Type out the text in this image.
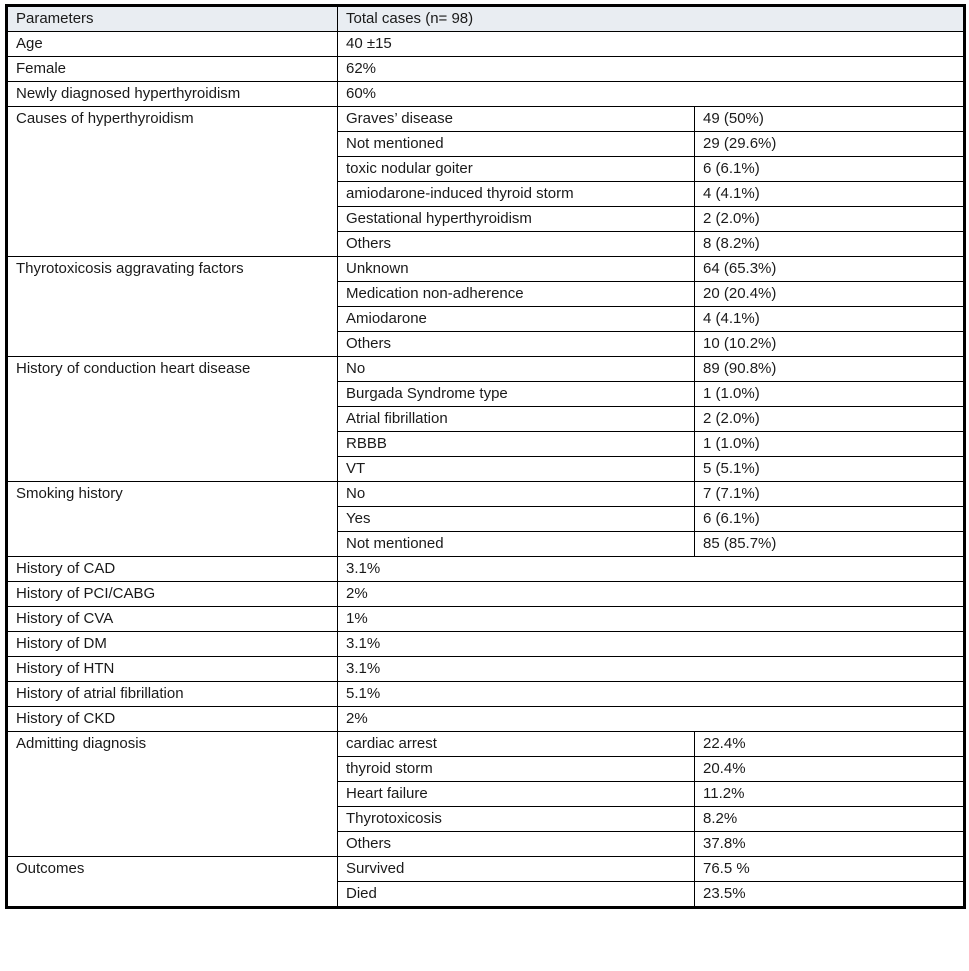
Parameters	Total cases (n= 98)	
Age	40 ±15	
Female	62%	
Newly diagnosed hyperthyroidism	60%	
Causes of hyperthyroidism	Graves’ disease	49 (50%)
	Not mentioned	29 (29.6%)
	toxic nodular goiter	6 (6.1%)
	amiodarone-induced thyroid storm	4 (4.1%)
	Gestational hyperthyroidism	2 (2.0%)
	Others	8 (8.2%)
Thyrotoxicosis aggravating factors	Unknown	64 (65.3%)
	Medication non-adherence	20 (20.4%)
	Amiodarone	4 (4.1%)
	Others	10 (10.2%)
History of conduction heart disease	No	89 (90.8%)
	Burgada Syndrome type	1 (1.0%)
	Atrial fibrillation	2 (2.0%)
	RBBB	1 (1.0%)
	VT	5 (5.1%)
Smoking history	No	7 (7.1%)
	Yes	6 (6.1%)
	Not mentioned	85 (85.7%)
History of CAD	3.1%	
History of PCI/CABG	2%	
History of CVA	1%	
History of DM	3.1%	
History of HTN	3.1%	
History of atrial fibrillation	5.1%	
History of CKD	2%	
Admitting diagnosis	cardiac arrest	22.4%
	thyroid storm	20.4%
	Heart failure	11.2%
	Thyrotoxicosis	8.2%
	Others	37.8%
Outcomes	Survived	76.5 %
	Died	23.5%
